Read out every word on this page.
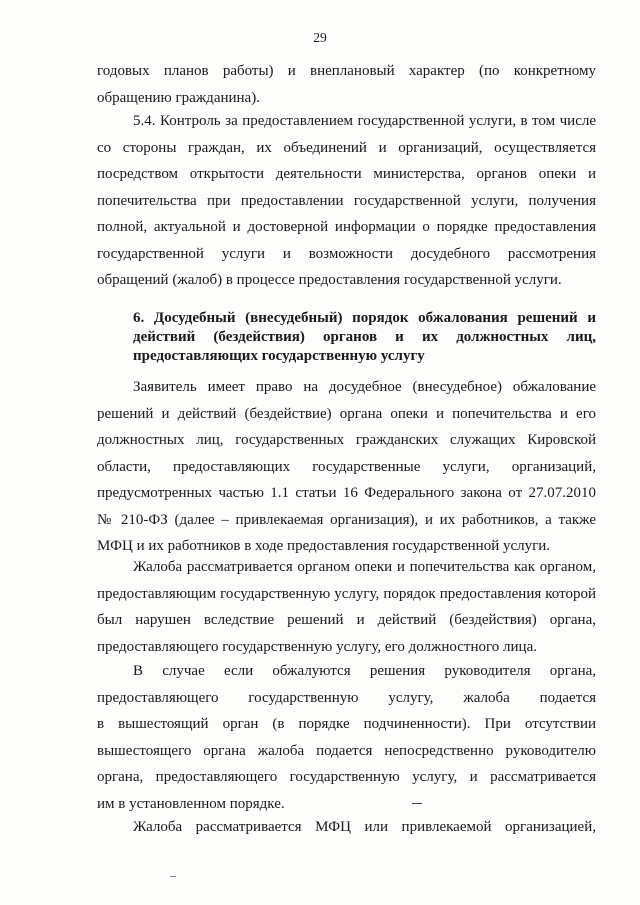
29
годовых планов работы) и внеплановый характер (по конкретному
обращению гражданина).
5.4. Контроль за предоставлением государственной услуги, в том числе
со стороны граждан, их объединений и организаций, осуществляется
посредством открытости деятельности министерства, органов опеки и
попечительства при предоставлении государственной услуги, получения
полной, актуальной и достоверной информации о порядке предоставления
государственной услуги и возможности досудебного рассмотрения
обращений (жалоб) в процессе предоставления государственной услуги.
6. Досудебный (внесудебный) порядок обжалования решений и
действий (бездействия) органов и их должностных лиц,
предоставляющих государственную услугу
Заявитель имеет право на досудебное (внесудебное) обжалование
решений и действий (бездействие) органа опеки и попечительства и его
должностных лиц, государственных гражданских служащих Кировской
области, предоставляющих государственные услуги, организаций,
предусмотренных частью 1.1 статьи 16 Федерального закона от 27.07.2010
№ 210-ФЗ (далее – привлекаемая организация), и их работников, а также
МФЦ и их работников в ходе предоставления государственной услуги.
Жалоба рассматривается органом опеки и попечительства как органом,
предоставляющим государственную услугу, порядок предоставления которой
был нарушен вследствие решений и действий (бездействия) органа,
предоставляющего государственную услугу, его должностного лица.
В случае если обжалуются решения руководителя органа,
предоставляющего государственную услугу, жалоба подается
в вышестоящий орган (в порядке подчиненности). При отсутствии
вышестоящего органа жалоба подается непосредственно руководителю
органа, предоставляющего государственную услугу, и рассматривается
им в установленном порядке.
Жалоба рассматривается МФЦ или привлекаемой организацией,
